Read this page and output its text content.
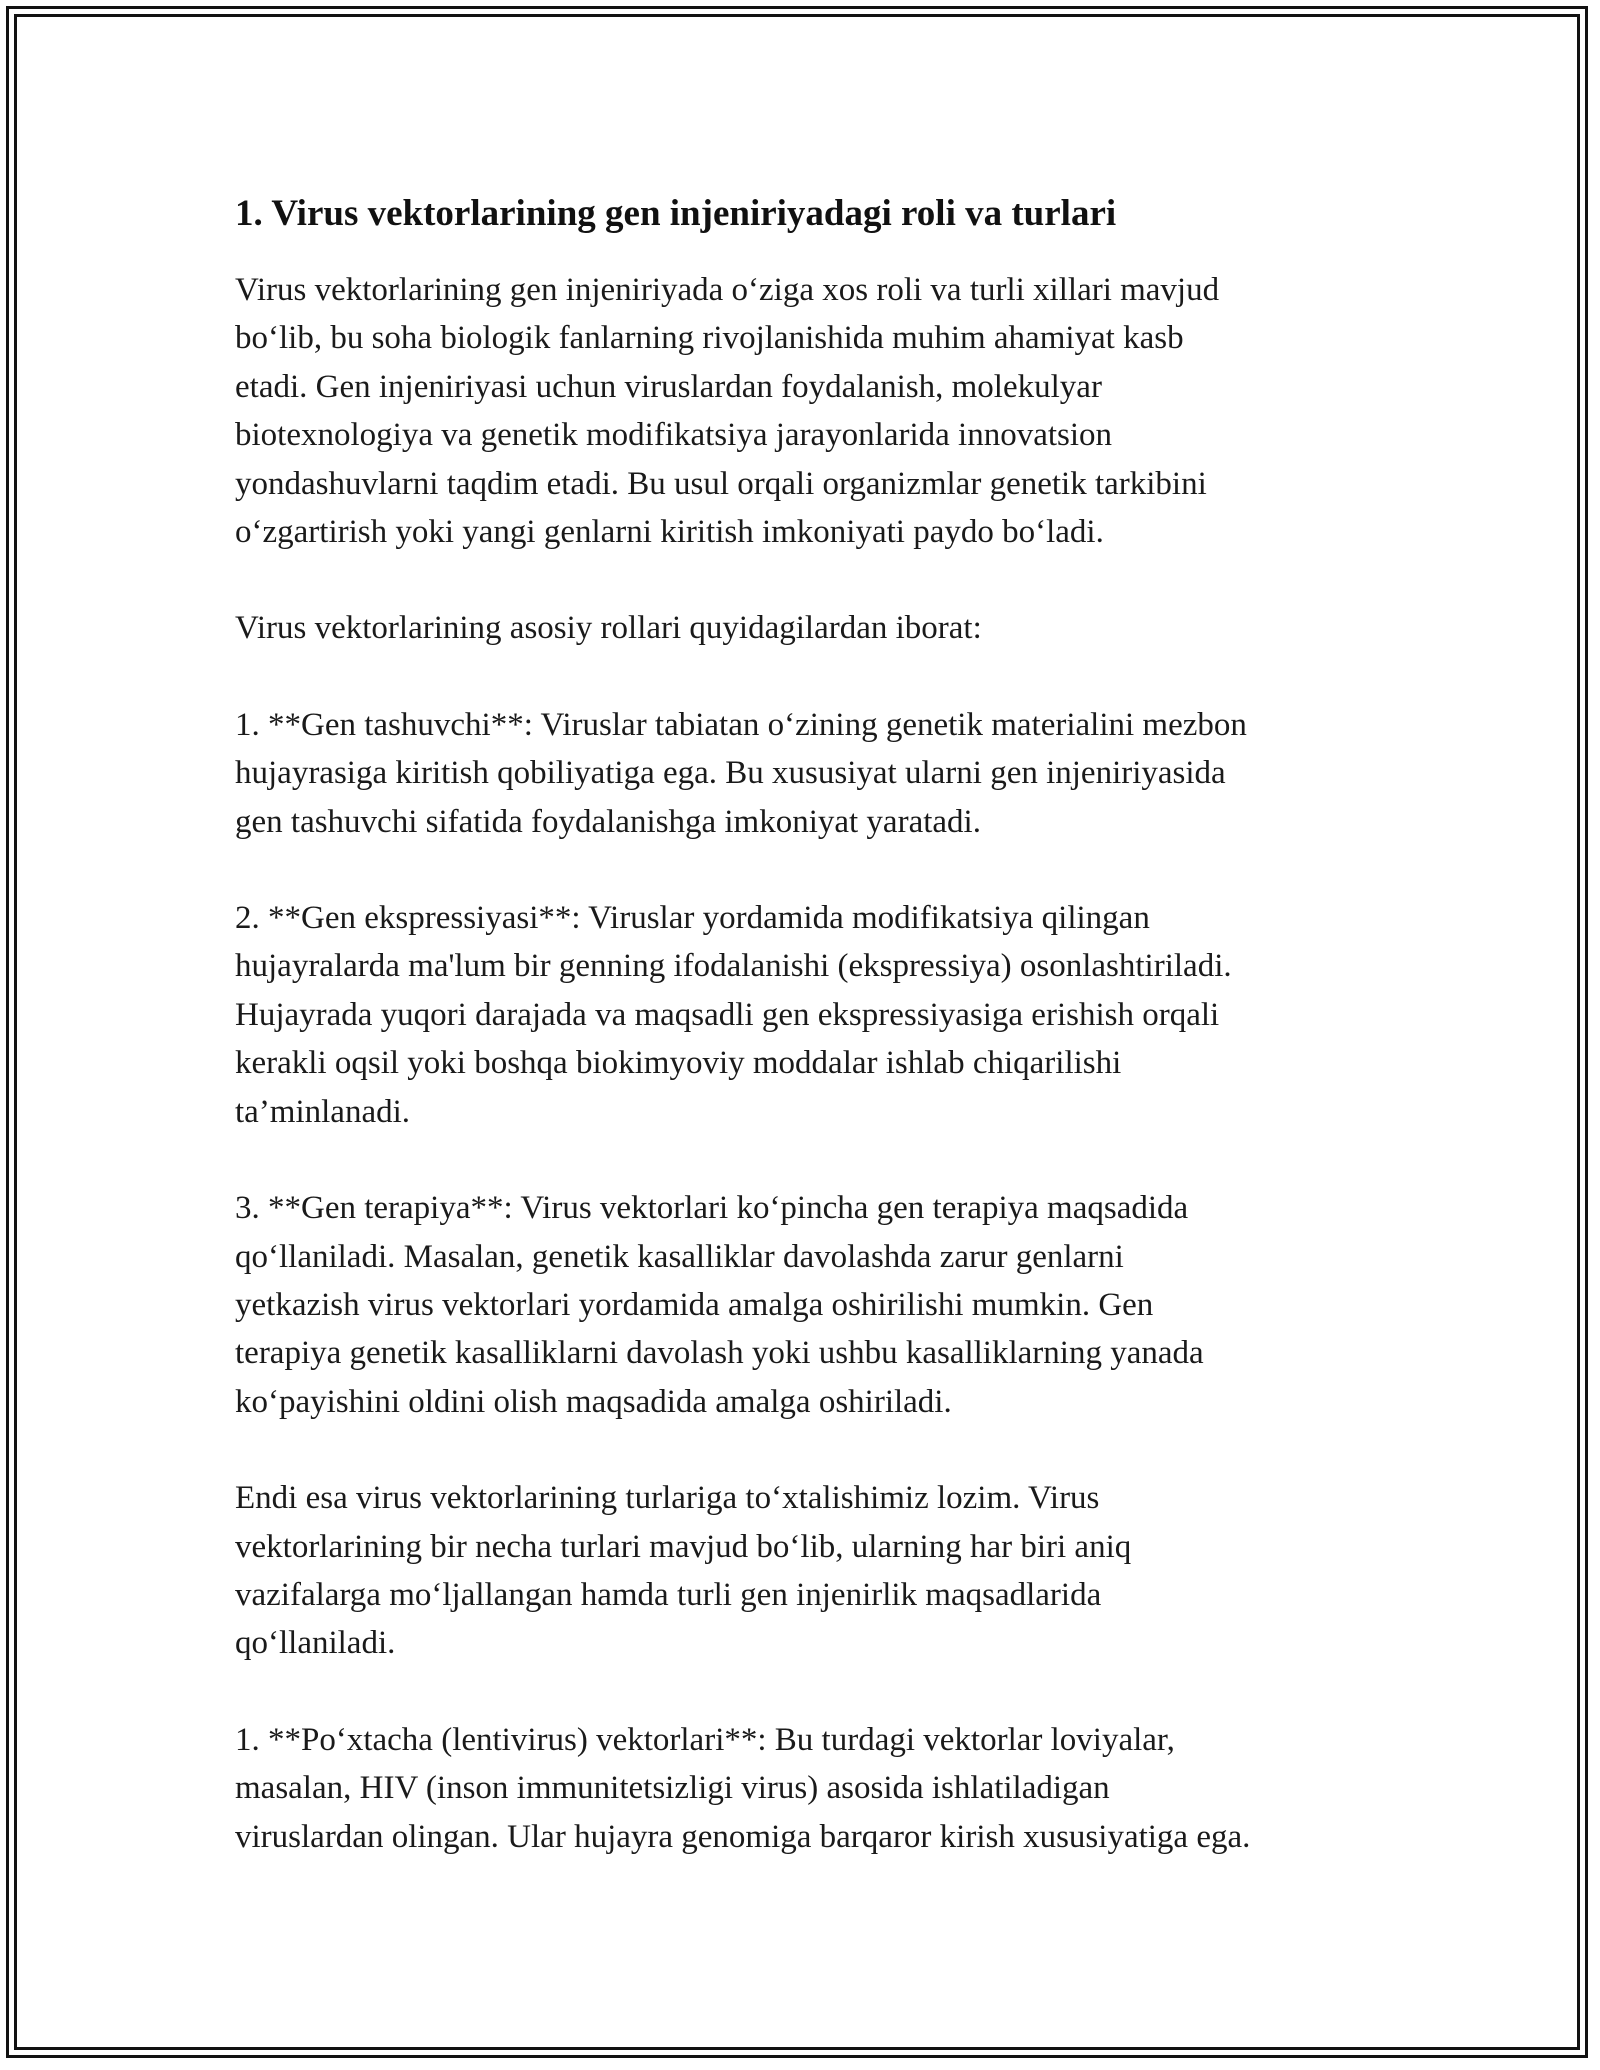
1. Virus vektorlarining gen injeniriyadagi roli va turlari

Virus vektorlarining gen injeniriyada o‘ziga xos roli va turli xillari mavjud
bo‘lib, bu soha biologik fanlarning rivojlanishida muhim ahamiyat kasb
etadi. Gen injeniriyasi uchun viruslardan foydalanish, molekulyar
biotexnologiya va genetik modifikatsiya jarayonlarida innovatsion
yondashuvlarni taqdim etadi. Bu usul orqali organizmlar genetik tarkibini
o‘zgartirish yoki yangi genlarni kiritish imkoniyati paydo bo‘ladi.

Virus vektorlarining asosiy rollari quyidagilardan iborat:

1. **Gen tashuvchi**: Viruslar tabiatan o‘zining genetik materialini mezbon
hujayrasiga kiritish qobiliyatiga ega. Bu xususiyat ularni gen injeniriyasida
gen tashuvchi sifatida foydalanishga imkoniyat yaratadi.

2. **Gen ekspressiyasi**: Viruslar yordamida modifikatsiya qilingan
hujayralarda ma'lum bir genning ifodalanishi (ekspressiya) osonlashtiriladi.
Hujayrada yuqori darajada va maqsadli gen ekspressiyasiga erishish orqali
kerakli oqsil yoki boshqa biokimyoviy moddalar ishlab chiqarilishi
ta’minlanadi.

3. **Gen terapiya**: Virus vektorlari ko‘pincha gen terapiya maqsadida
qo‘llaniladi. Masalan, genetik kasalliklar davolashda zarur genlarni
yetkazish virus vektorlari yordamida amalga oshirilishi mumkin. Gen
terapiya genetik kasalliklarni davolash yoki ushbu kasalliklarning yanada
ko‘payishini oldini olish maqsadida amalga oshiriladi.

Endi esa virus vektorlarining turlariga to‘xtalishimiz lozim. Virus
vektorlarining bir necha turlari mavjud bo‘lib, ularning har biri aniq
vazifalarga mo‘ljallangan hamda turli gen injenirlik maqsadlarida
qo‘llaniladi.

1. **Po‘xtacha (lentivirus) vektorlari**: Bu turdagi vektorlar loviyalar,
masalan, HIV (inson immunitetsizligi virus) asosida ishlatiladigan
viruslardan olingan. Ular hujayra genomiga barqaror kirish xususiyatiga ega.
